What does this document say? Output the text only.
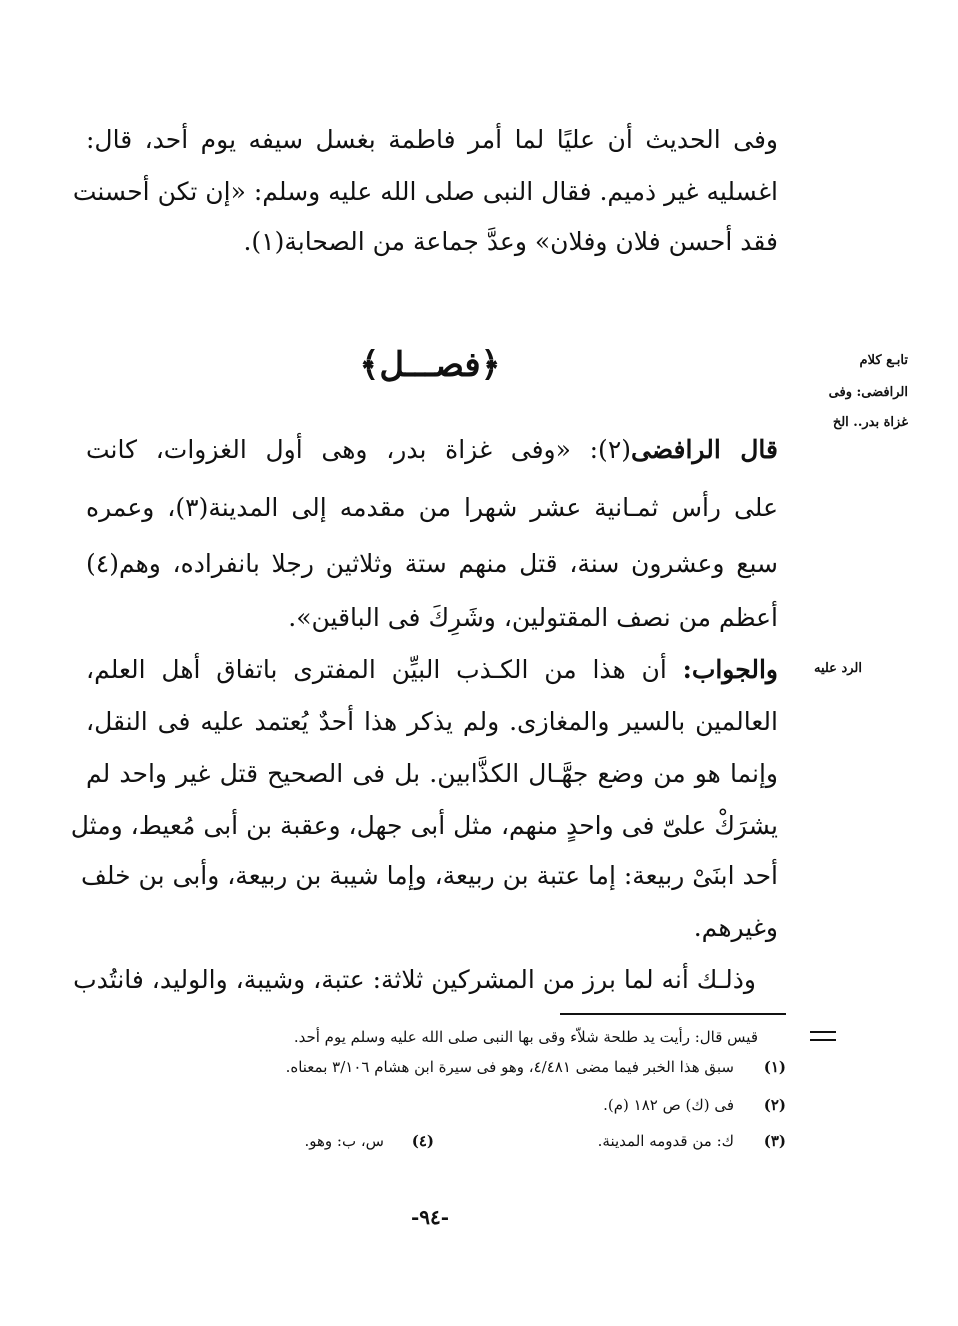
وفى الحديث أن عليًا لما أمر فاطمة بغسل سيفه يوم أحد، قال:
اغسليه غير ذميم. فقال النبى صلى الله عليه وسلم: «إن تكن أحسنت
فقد أحسن فلان وفلان» وعدَّ جماعة من الصحابة(١).
﴿فصـــل﴾	تابـع كلام
الرافضى: وفى
غزاة بدر.. الخ
الرد عليه
قال الرافضى(٢): «وفى غزاة بدر، وهى أول الغزوات، كانت
على رأس ثمـانية عشر شهرا من مقدمه إلى المدينة(٣)، وعمره
سبع وعشرون سنة، قتل منهم ستة وثلاثين رجلا بانفراده، وهم(٤)
أعظم من نصف المقتولين، وشَرِكَ فى الباقين».
والجواب: أن هذا من الكـذب البيِّن المفترى باتفاق أهل العلم،
العالمين بالسير والمغازى. ولم يذكر هذا أحدٌ يُعتمد عليه فى النقل،
وإنما هو من وضع جهَّـال الكذَّابين. بل فى الصحيح قتل غير واحد لم
يشرَكْ علىّ فى واحدٍ منهم، مثل أبى جهل، وعقبة بن أبى مُعيط، ومثل
أحد ابنَىْ ربيعة: إما عتبة بن ربيعة، وإما شيبة بن ربيعة، وأبى بن خلف
وغيرهم.
وذلـك أنه لما برز من المشركين ثلاثة: عتبة، وشيبة، والوليد، فانتُدب
قيس قال: رأيت يد طلحة شلاّء وقى بها النبى صلى الله عليه وسلم يوم أحد.
(١)
سبق هذا الخبر فيما مضى ٤/٤٨١، وهو فى سيرة ابن هشام ٣/١٠٦ بمعناه.
(٢)
فى (ك) ص ١٨٢ (م).
(٣)
ك: من قدومه المدينة.
(٤)
س، ب: وهو.
-٩٤-
